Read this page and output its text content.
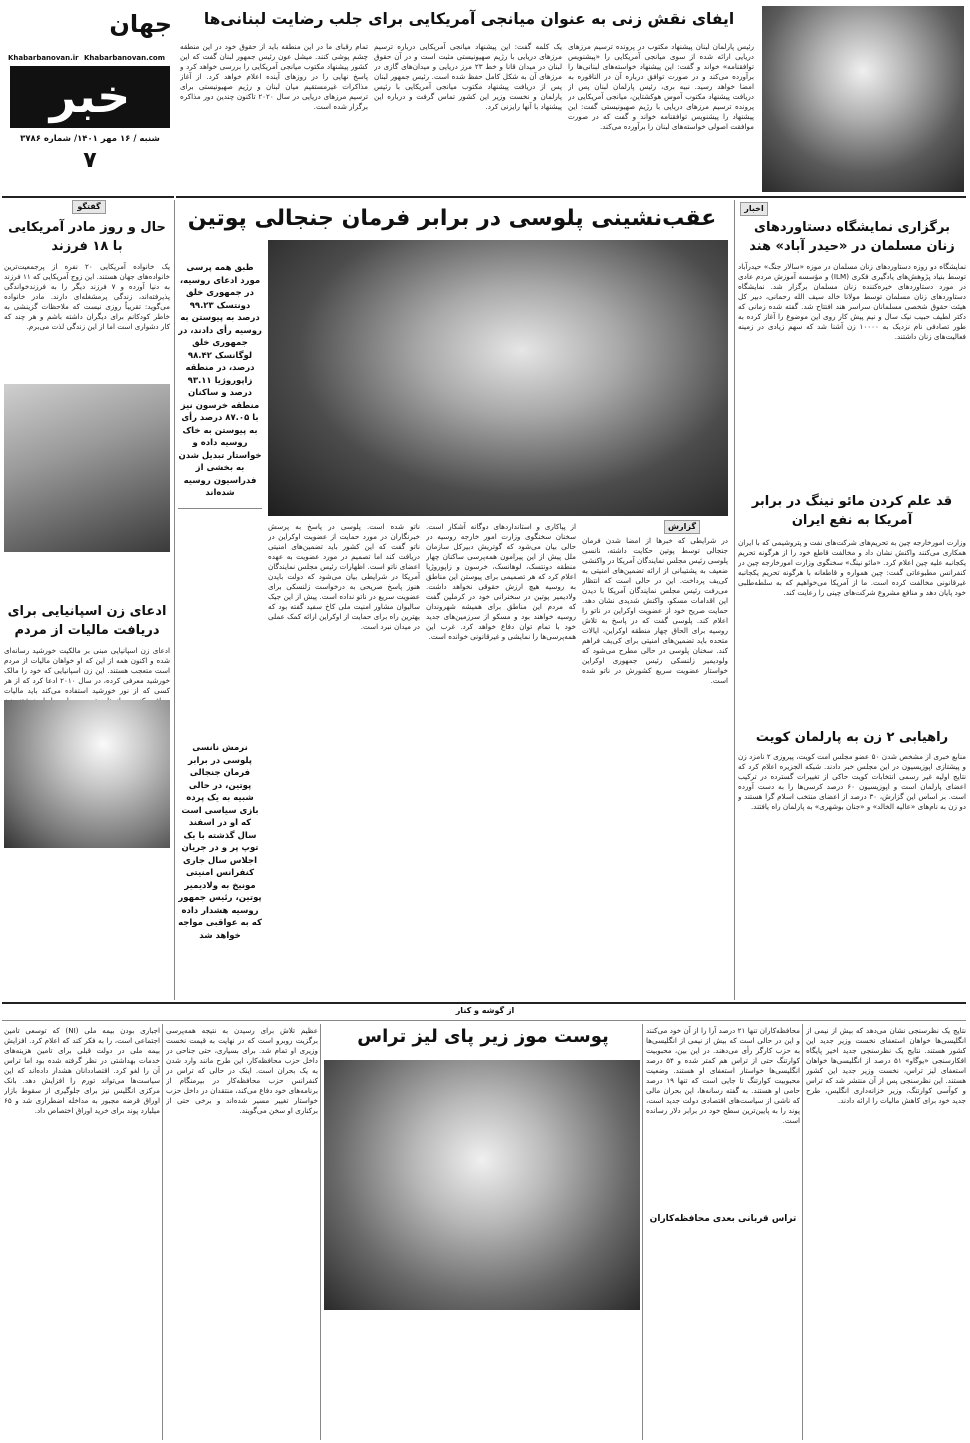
جهان
Khabarbanovan.ir Khabarbanovan.com
خبر
شنبه / ۱۶ مهر ۱۴۰۱/ شماره ۳۷۸۶
۷
ایفای نقش زنی به عنوان میانجی آمریکایی برای جلب رضایت لبنانی‌ها
تمام رقبای ما در این منطقه باید از حقوق خود در این منطقه چشم پوشی کنند. میشل عون رئیس جمهور لبنان گفت که این کشور پیشنهاد مکتوب میانجی آمریکایی را بررسی خواهد کرد و پاسخ نهایی را در روزهای آینده اعلام خواهد کرد. از آغاز مذاکرات غیرمستقیم میان لبنان و رژیم صهیونیستی برای ترسیم مرزهای دریایی در سال ۲۰۲۰ تاکنون چندین دور مذاکره برگزار شده است.
یک کلمه گفت: این پیشنهاد میانجی آمریکایی درباره ترسیم مرزهای دریایی با رژیم صهیونیستی مثبت است و در آن حقوق لبنان در میدان قانا و خط ۲۳ مرز دریایی و میدان‌های گازی در مرزهای آن به شکل کامل حفظ شده است. رئیس جمهور لبنان پس از دریافت پیشنهاد مکتوب میانجی آمریکایی با رئیس پارلمان و نخست وزیر این کشور تماس گرفت و درباره این پیشنهاد با آنها رایزنی کرد.
رئیس پارلمان لبنان پیشنهاد مکتوب در پرونده ترسیم مرزهای دریایی ارائه شده از سوی میانجی آمریکایی را «پیشنویس توافقنامه» خواند و گفت: این پیشنهاد خواسته‌های لبنانی‌ها را برآورده می‌کند و در صورت توافق درباره آن در الناقوره به امضا خواهد رسید. نبیه بری، رئیس پارلمان لبنان پس از دریافت پیشنهاد مکتوب آموس هوکشتاین، میانجی آمریکایی در پرونده ترسیم مرزهای دریایی با رژیم صهیونیستی گفت: این پیشنهاد را پیشنویس توافقنامه خواند و گفت که در صورت موافقت اصولی خواسته‌های لبنان را برآورده می‌کند.
اخبار
برگزاری نمایشگاه دستاوردهای زنان مسلمان در «حیدر آباد» هند
نمایشگاه دو روزه دستاوردهای زنان مسلمان در موزه «سالار جنگ» حیدرآباد توسط بنیاد پژوهش‌های یادگیری فکری (ILM) و مؤسسه آموزش مردم عادی در مورد دستاوردهای خیره‌کننده زنان مسلمان برگزار شد. نمایشگاه دستاوردهای زنان مسلمان توسط مولانا خالد سیف الله رحمانی، دبیر کل هیئت حقوق شخصی مسلمانان سراسر هند افتتاح شد. گفته شده زمانی که دکتر لطیف حبیب نیک سال و نیم پیش کار روی این موضوع را آغاز کرده به طور تصادفی نام نزدیک به ۱۰۰۰۰ زن آشنا شد که سهم زیادی در زمینه فعالیت‌های زنان داشتند.
قد علم کردن مائو نینگ در برابر آمریکا به نفع ایران
وزارت امورخارجه چین به تحریم‌های شرکت‌های نفت و پتروشیمی که با ایران همکاری می‌کنند واکنش نشان داد و مخالفت قاطع خود را از هرگونه تحریم یکجانبه علیه چین اعلام کرد. «مائو نینگ» سخنگوی وزارت امورخارجه چین در کنفرانس مطبوعاتی گفت: چین همواره و قاطعانه با هرگونه تحریم یکجانبه غیرقانونی مخالفت کرده است. ما از آمریکا می‌خواهیم که به سلطه‌طلبی خود پایان دهد و منافع مشروع شرکت‌های چینی را رعایت کند.
راهیابی ۲ زن به پارلمان کویت
منابع خبری از مشخص شدن ۵۰ عضو مجلس امت کویت، پیروزی ۲ نامزد زن و پیشتازی اپوزیسیون در این مجلس خبر دادند. شبکه الجزیره اعلام کرد که نتایج اولیه غیر رسمی انتخابات کویت حاکی از تغییرات گسترده در ترکیب اعضای پارلمان است و اپوزیسیون ۶۰ درصد کرسی‌ها را به دست آورده است. بر اساس این گزارش، ۳۰ درصد از اعضای منتخب اسلام گرا هستند و دو زن به نام‌های «عالیه الخالد» و «جنان بوشهری» به پارلمان راه یافتند.
عقب‌نشینی پلوسی در برابر فرمان جنجالی پوتین
طبق همه پرسی مورد ادعای روسیه، در جمهوری خلق دونتسک ۹۹.۲۳ درصد به پیوستن به روسیه رأی دادند، در جمهوری خلق لوگانسک ۹۸.۴۲ درصد، در منطقه زاپوروژیا ۹۳.۱۱ درصد و ساکنان منطقه خرسون نیز با ۸۷.۰۵ درصد رأی به پیوستن به خاک روسیه داده و خواستار تبدیل شدن به بخشی از فدراسیون روسیه شده‌اند
نرمش نانسی پلوسی در برابر فرمان جنجالی پوتین، در حالی شبیه به یک پرده بازی سیاسی است که او در اسفند سال گذشته با یک توپ پر و در جریان اجلاس سال جاری کنفرانس امنیتی مونیخ به ولادیمیر پوتین، رئیس جمهور روسیه هشدار داده که به عواقبی مواجه خواهد شد
گزارش
در شرایطی که خبرها از امضا شدن فرمان جنجالی توسط پوتین حکایت داشته، نانسی پلوسی رئیس مجلس نمایندگان آمریکا در واکنشی ضعیف به پشتیبانی از ارائه تضمین‌های امنیتی به کی‌یف پرداخت. این در حالی است که انتظار می‌رفت رئیس مجلس نمایندگان آمریکا با دیدن این اقدامات مسکو، واکنش شدیدی نشان دهد. حمایت صریح خود از عضویت اوکراین در ناتو را اعلام کند. پلوسی گفت که در پاسخ به تلاش روسیه برای الحاق چهار منطقه اوکراین، ایالات متحده باید تضمین‌های امنیتی برای کی‌یف فراهم کند. سخنان پلوسی در حالی مطرح می‌شود که ولودیمیر زلنسکی رئیس جمهوری اوکراین خواستار عضویت سریع کشورش در ناتو شده است.
از پیاکاری و استانداردهای دوگانه آشکار است. سخنان سخنگوی وزارت امور خارجه روسیه در حالی بیان می‌شود که گوتریش دبیرکل سازمان ملل پیش از این پیرامون همه‌پرسی ساکنان چهار منطقه دونتسک، لوهانسک، خرسون و زاپوروژیا اعلام کرد که هر تصمیمی برای پیوستن این مناطق به روسیه هیچ ارزش حقوقی نخواهد داشت. ولادیمیر پوتین در سخنرانی خود در کرملین گفت که مردم این مناطق برای همیشه شهروندان روسیه خواهند بود و مسکو از سرزمین‌های جدید خود با تمام توان دفاع خواهد کرد. غرب این همه‌پرسی‌ها را نمایشی و غیرقانونی خوانده است.
ناتو شده است. پلوسی در پاسخ به پرسش خبرنگاران در مورد حمایت از عضویت اوکراین در ناتو گفت که این کشور باید تضمین‌های امنیتی دریافت کند اما تصمیم در مورد عضویت به عهده اعضای ناتو است. اظهارات رئیس مجلس نمایندگان آمریکا در شرایطی بیان می‌شود که دولت بایدن هنوز پاسخ صریحی به درخواست زلنسکی برای عضویت سریع در ناتو نداده است. پیش از این جیک سالیوان مشاور امنیت ملی کاخ سفید گفته بود که بهترین راه برای حمایت از اوکراین ارائه کمک عملی در میدان نبرد است.
گفتگو
حال و روز مادر آمریکایی با ۱۸ فرزند
یک خانواده آمریکایی ۲۰ نفره از پرجمعیت‌ترین خانواده‌های جهان هستند. این زوج آمریکایی که ۱۱ فرزند به دنیا آورده و ۷ فرزند دیگر را به فرزندخواندگی پذیرفته‌اند، زندگی پرمشغله‌ای دارند. مادر خانواده می‌گوید: تقریباً روزی نیست که ملاحظات گزینشی به خاطر کودکانم برای دیگران داشته باشم و هر چند که کار دشواری است اما از این زندگی لذت می‌برم.
ادعای زن اسپانیایی برای دریافت مالیات از مردم
ادعای زن اسپانیایی مبنی بر مالکیت خورشید رسانه‌ای شده و اکنون همه از این که او خواهان مالیات از مردم است متعجب هستند. این زن اسپانیایی که خود را مالک خورشید معرفی کرده، در سال ۲۰۱۰ ادعا کرد که از هر کسی که از نور خورشید استفاده می‌کند باید مالیات
از گوشه و کنار
پوست موز زیر پای لیز تراس	نتایج یک نظرسنجی نشان می‌دهد که بیش از نیمی از انگلیسی‌ها خواهان استعفای نخست وزیر جدید این کشور هستند. نتایج یک نظرسنجی جدید اخیر پایگاه افکارسنجی «یوگاو» ۵۱ درصد از انگلیسی‌ها خواهان استعفای لیز تراس، نخست وزیر جدید این کشور هستند. این نظرسنجی پس از آن منتشر شد که تراس و کوآسی کوارتنگ، وزیر خزانه‌داری انگلیس، طرح جدید خود برای کاهش مالیات را ارائه دادند.
محافظه‌کاران تنها ۲۱ درصد آرا را از آن خود می‌کنند و این در حالی است که بیش از نیمی از انگلیسی‌ها به حزب کارگر رأی می‌دهند. در این بین، محبوبیت کوارتنگ حتی از تراس هم کمتر شده و ۵۴ درصد انگلیسی‌ها خواستار استعفای او هستند. وضعیت محبوبیت کوارتنگ تا جایی است که تنها ۱۹ درصد حامی او هستند. به گفته رسانه‌ها، این بحران مالی که ناشی از سیاست‌های اقتصادی دولت جدید است، پوند را به پایین‌ترین سطح خود در برابر دلار رسانده است.
تراس قربانی بعدی محافظه‌کاران
عظیم تلاش برای رسیدن به نتیجه همه‌پرسی برگزیت روبرو است که در نهایت به قیمت نخست وزیری او تمام شد. برای بسیاری، حتی جناحی در داخل حزب محافظه‌کار، این طرح مانند وارد شدن به یک بحران است. اینک در حالی که تراس در کنفرانس حزب محافظه‌کار در بیرمنگام از برنامه‌های خود دفاع می‌کند، منتقدان در داخل حزب خواستار تغییر مسیر شده‌اند و برخی حتی از برکناری او سخن می‌گویند.
اجباری بودن بیمه ملی (NI) که توسعی تامین اجتماعی است، را به فکر کند که اعلام کرد. افزایش بیمه ملی در دولت قبلی برای تامین هزینه‌های خدمات بهداشتی در نظر گرفته شده بود اما تراس آن را لغو کرد. اقتصاددانان هشدار داده‌اند که این سیاست‌ها می‌تواند تورم را افزایش دهد. بانک مرکزی انگلیس نیز برای جلوگیری از سقوط بازار اوراق قرضه مجبور به مداخله اضطراری شد و ۶۵ میلیارد پوند برای خرید اوراق اختصاص داد.
